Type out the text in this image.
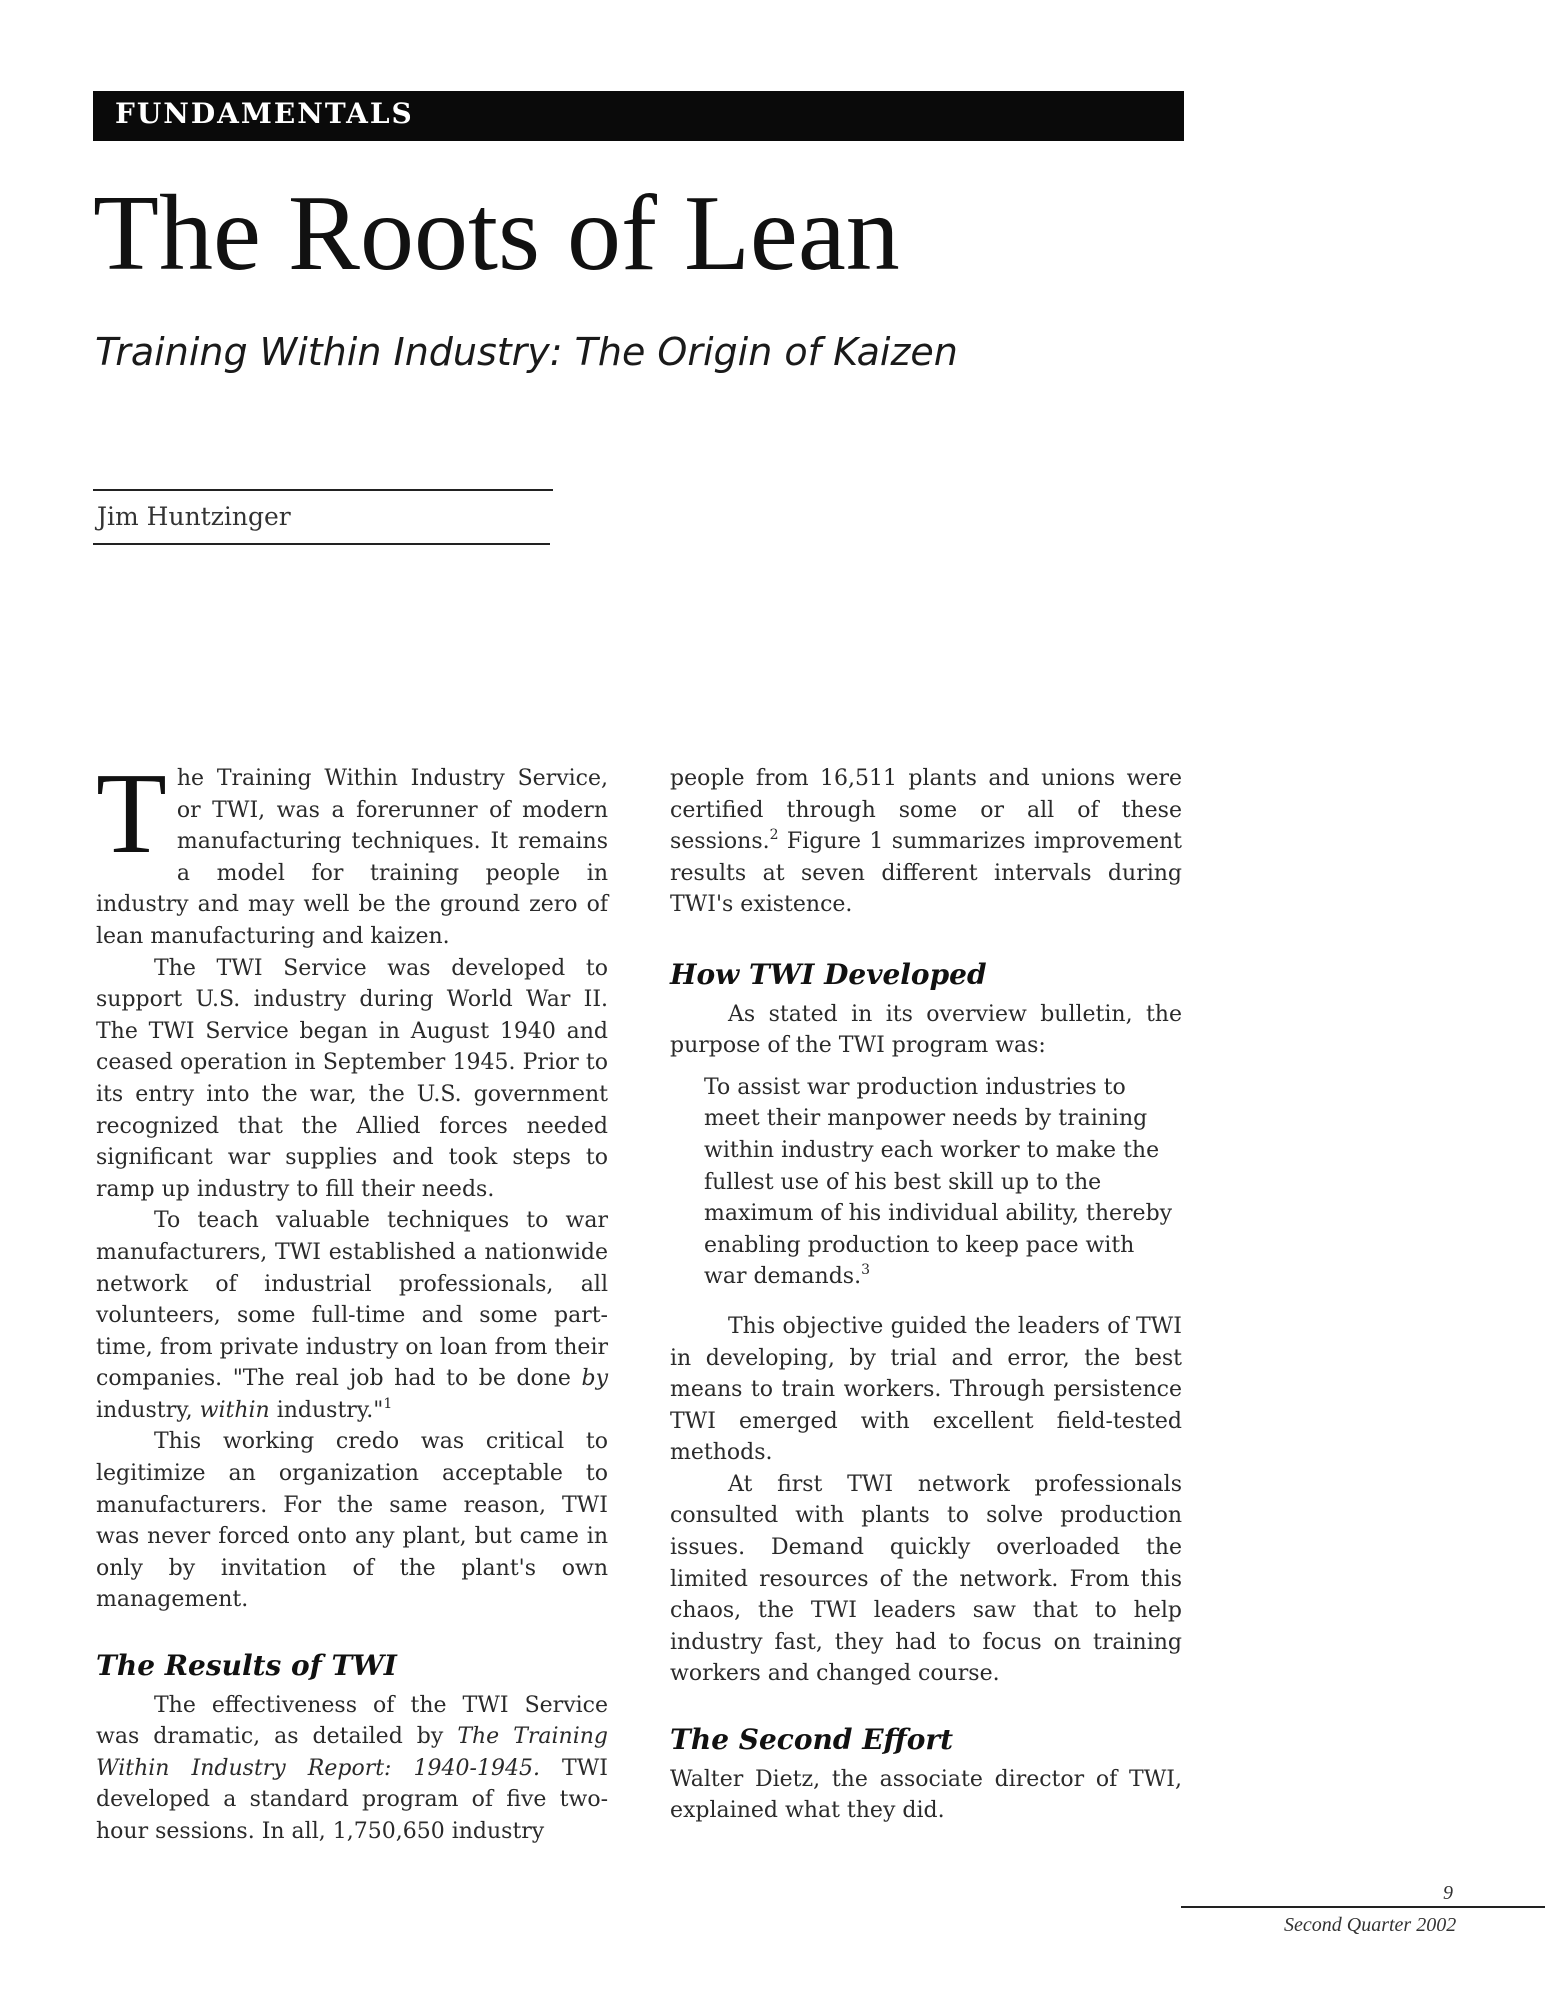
FUNDAMENTALS
The Roots of Lean
Training Within Industry: The Origin of Kaizen
Jim Huntzinger

The Training Within Industry Service, or TWI, was a forerunner of modern manufacturing techniques. It remains a model for training people in industry and may well be the ground zero of lean manufacturing and kaizen.

The TWI Service was developed to support U.S. industry during World War II. The TWI Service began in August 1940 and ceased operation in September 1945. Prior to its entry into the war, the U.S. government recognized that the Allied forces needed significant war supplies and took steps to ramp up industry to fill their needs.

To teach valuable techniques to war manufacturers, TWI established a nationwide network of industrial professionals, all volunteers, some full-time and some part-time, from private industry on loan from their companies. "The real job had to be done by industry, within industry."$^1$

This working credo was critical to legitimize an organization acceptable to manufacturers. For the same reason, TWI was never forced onto any plant, but came in only by invitation of the plant's own management.

The Results of TWI

The effectiveness of the TWI Service was dramatic, as detailed by The Training Within Industry Report: 1940-1945. TWI developed a standard program of five two-hour sessions. In all, 1,750,650 industry

people from 16,511 plants and unions were certified through some or all of these sessions.$^2$ Figure 1 summarizes improvement results at seven different intervals during TWI's existence.

How TWI Developed

As stated in its overview bulletin, the purpose of the TWI program was:

To assist war production industries to meet their manpower needs by training within industry each worker to make the fullest use of his best skill up to the maximum of his individual ability, thereby enabling production to keep pace with war demands.$^3$

This objective guided the leaders of TWI in developing, by trial and error, the best means to train workers. Through persistence TWI emerged with excellent field-tested methods.

At first TWI network professionals consulted with plants to solve production issues. Demand quickly overloaded the limited resources of the network. From this chaos, the TWI leaders saw that to help industry fast, they had to focus on training workers and changed course.

The Second Effort

Walter Dietz, the associate director of TWI, explained what they did.

9
Second Quarter 2002
